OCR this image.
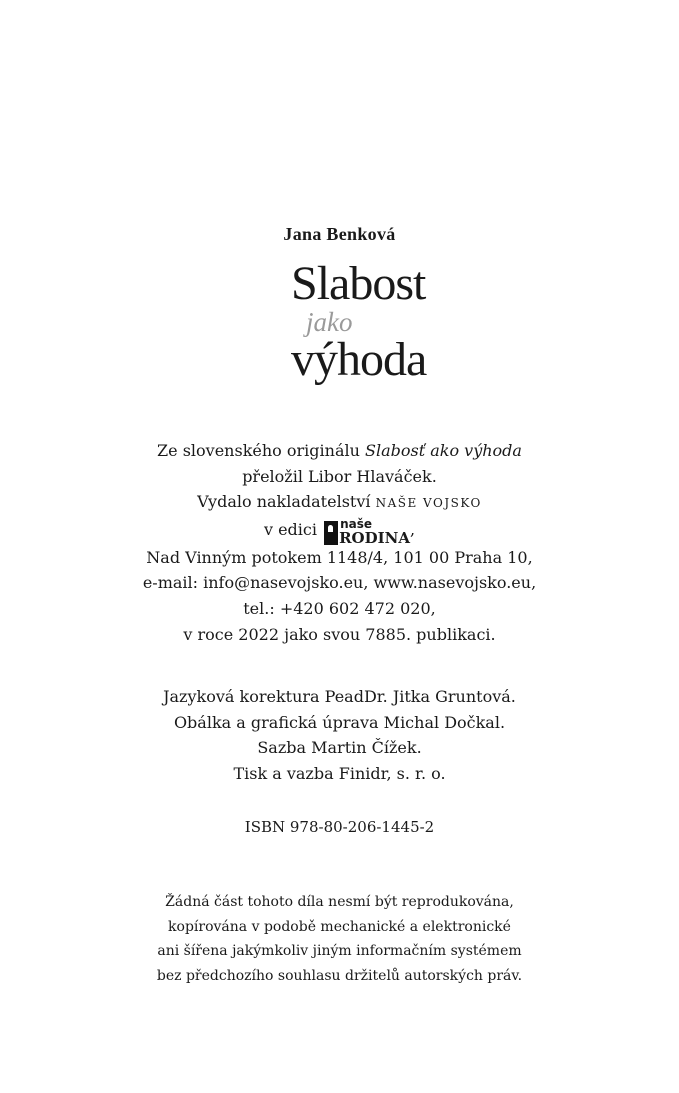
Jana Benková
Slabost
jako
výhoda
Ze slovenského originálu Slabosť ako výhoda
přeložil Libor Hlaváček.
Vydalo nakladatelství NAŠE VOJSKO
v edici naše
RODINA,
Nad Vinným potokem 1148/4, 101 00 Praha 10,
e-mail: info@nasevojsko.eu, www.nasevojsko.eu,
tel.: +420 602 472 020,
v roce 2022 jako svou 7885. publikaci.
Jazyková korektura PeadDr. Jitka Gruntová.
Obálka a grafická úprava Michal Dočkal.
Sazba Martin Čížek.
Tisk a vazba Finidr, s. r. o.
ISBN 978-80-206-1445-2
Žádná část tohoto díla nesmí být reprodukována,
kopírována v podobě mechanické a elektronické
ani šířena jakýmkoliv jiným informačním systémem
bez předchozího souhlasu držitelů autorských práv.
